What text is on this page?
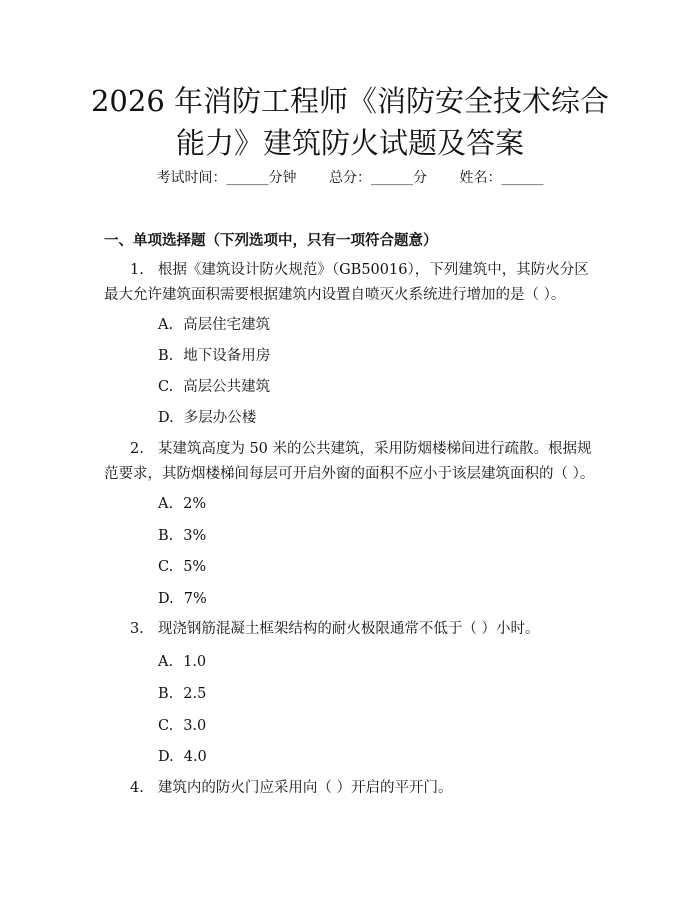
2026 年消防工程师《消防安全技术综合能力》建筑防火试题及答案
考试时间：______分钟 总分：______分 姓名：______
一、单项选择题（下列选项中，只有一项符合题意）
1. 根据《建筑设计防火规范》（GB50016），下列建筑中，其防火分区最大允许建筑面积需要根据建筑内设置自喷灭火系统进行增加的是（ ）。
A. 高层住宅建筑
B. 地下设备用房
C. 高层公共建筑
D. 多层办公楼
2. 某建筑高度为 50 米的公共建筑，采用防烟楼梯间进行疏散。根据规范要求，其防烟楼梯间每层可开启外窗的面积不应小于该层建筑面积的（ ）。
A. 2%
B. 3%
C. 5%
D. 7%
3. 现浇钢筋混凝土框架结构的耐火极限通常不低于（ ）小时。
A. 1.0
B. 2.5
C. 3.0
D. 4.0
4. 建筑内的防火门应采用向（ ）开启的平开门。
